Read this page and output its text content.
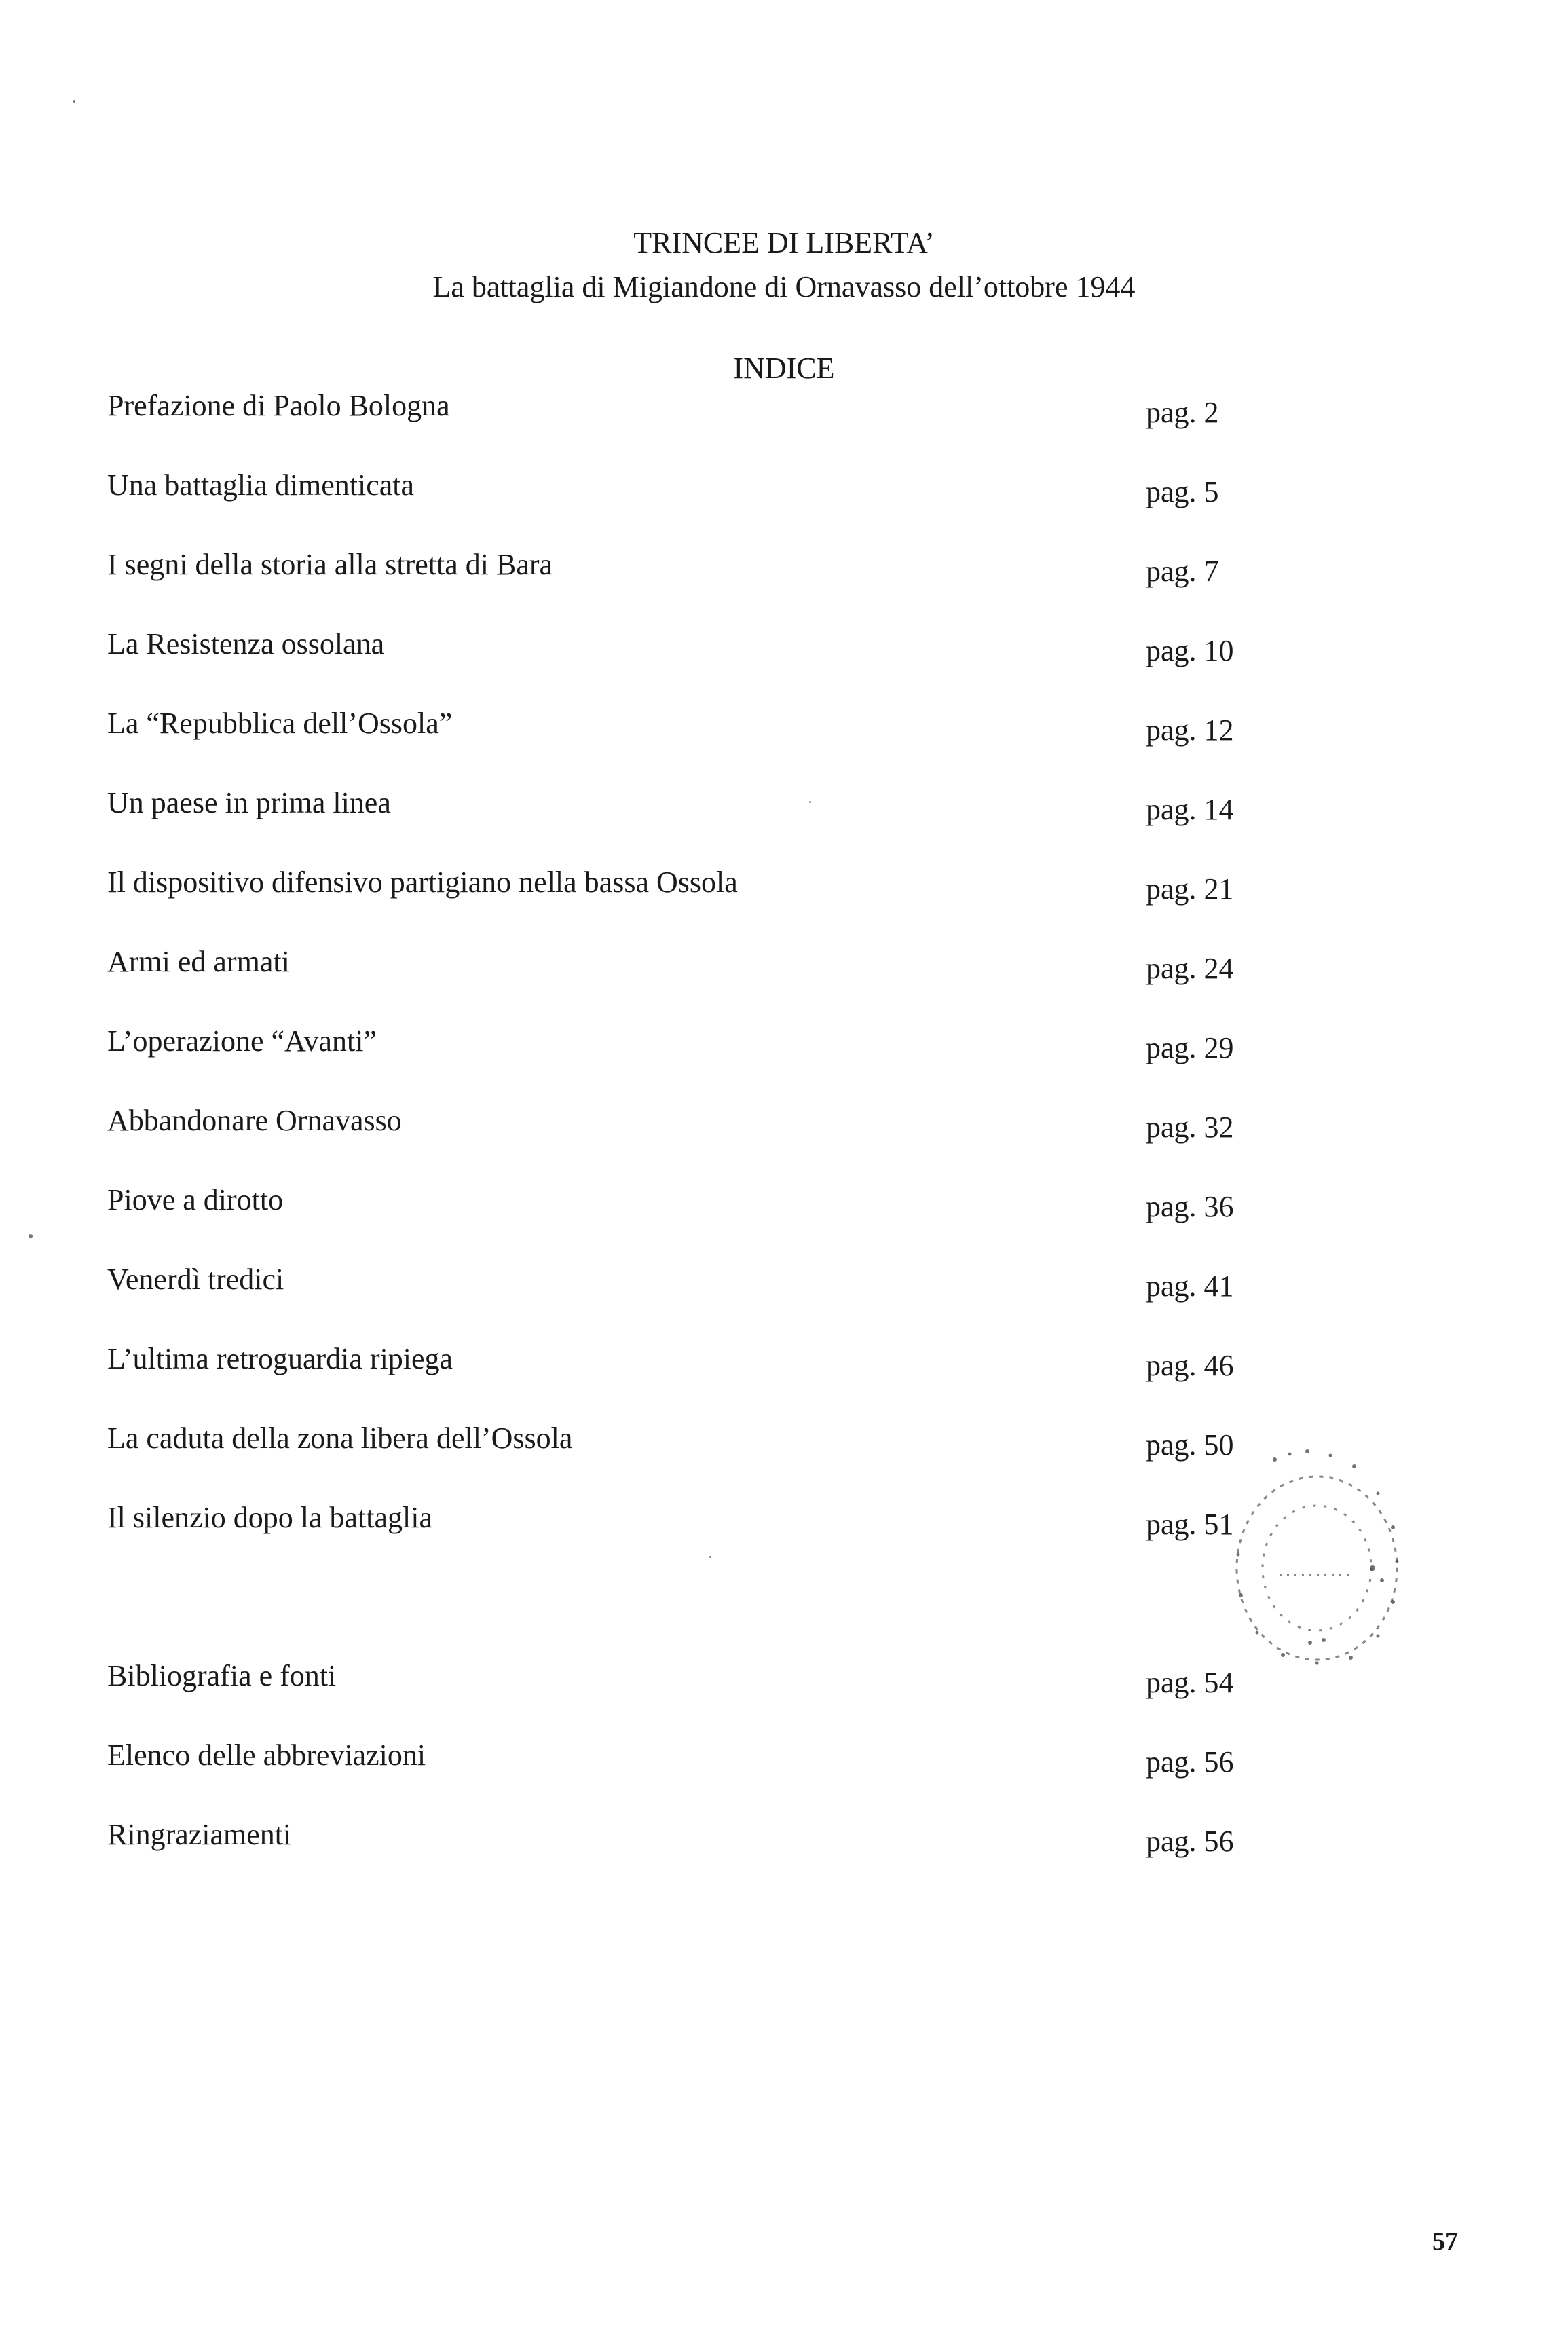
TRINCEE DI LIBERTA’
La battaglia di Migiandone di Ornavasso dell’ottobre 1944
INDICE
Prefazione di Paolo Bologna	pag. 2
Una battaglia dimenticata	pag. 5
I segni della storia alla stretta di Bara	pag. 7
La Resistenza ossolana	pag. 10
La “Repubblica dell’Ossola”	pag. 12
Un paese in prima linea	pag. 14
Il dispositivo difensivo partigiano nella bassa Ossola	pag. 21
Armi ed armati	pag. 24
L’operazione “Avanti”	pag. 29
Abbandonare Ornavasso	pag. 32
Piove a dirotto	pag. 36
Venerdì tredici	pag. 41
L’ultima retroguardia ripiega	pag. 46
La caduta della zona libera dell’Ossola	pag. 50
Il silenzio dopo la battaglia	pag. 51
Bibliografia e fonti	pag. 54
Elenco delle abbreviazioni	pag. 56
Ringraziamenti	pag. 56
57
